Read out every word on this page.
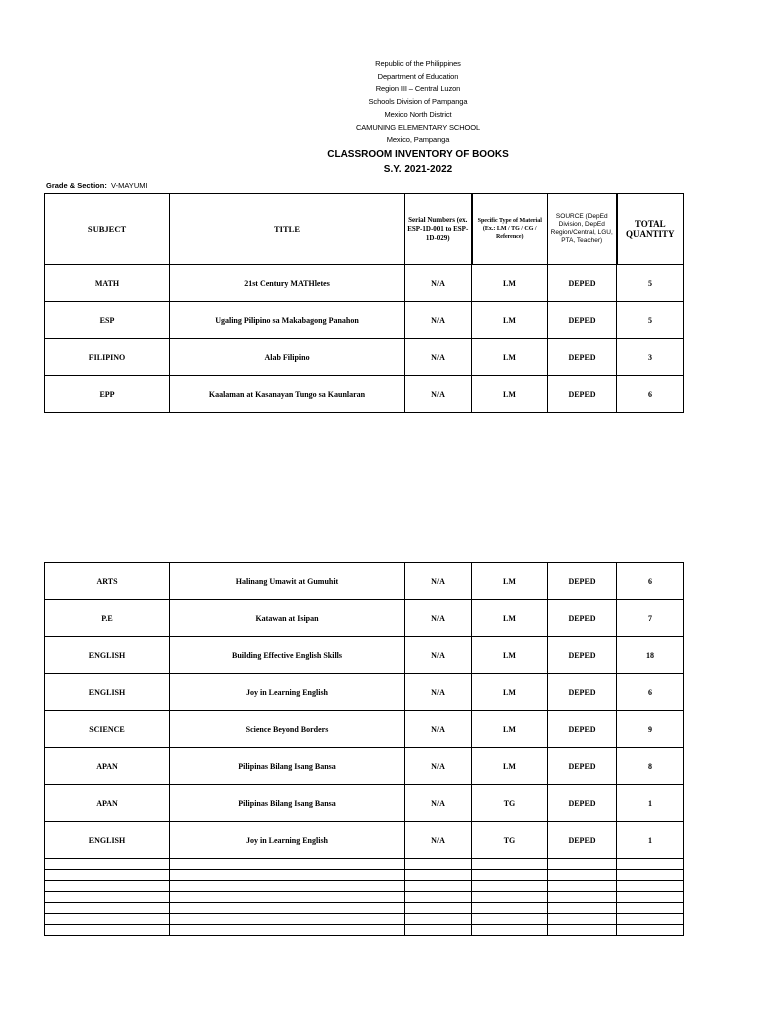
Republic of the Philippines
Department of Education
Region III – Central Luzon
Schools Division of Pampanga
Mexico North District
CAMUNING ELEMENTARY SCHOOL
Mexico, Pampanga
CLASSROOM INVENTORY OF BOOKS
S.Y. 2021-2022
Grade & Section: V-MAYUMI
SUBJECT	TITLE	Serial Numbers (ex. ESP-1D-001 to ESP-1D-029)	Specific Type of Material (Ex.: LM / TG / CG / Reference)	SOURCE (DepEd Division, DepEd Region/Central, LGU, PTA, Teacher)	TOTAL QUANTITY
MATH	21st Century MATHletes	N/A	LM	DEPED	5
ESP	Ugaling Pilipino sa Makabagong Panahon	N/A	LM	DEPED	5
FILIPINO	Alab Filipino	N/A	LM	DEPED	3
EPP	Kaalaman at Kasanayan Tungo sa Kaunlaran	N/A	LM	DEPED	6
ARTS	Halinang Umawit at Gumuhit	N/A	LM	DEPED	6
P.E	Katawan at Isipan	N/A	LM	DEPED	7
ENGLISH	Building Effective English Skills	N/A	LM	DEPED	18
ENGLISH	Joy in Learning English	N/A	LM	DEPED	6
SCIENCE	Science Beyond Borders	N/A	LM	DEPED	9
APAN	Pilipinas Bilang Isang Bansa	N/A	LM	DEPED	8
APAN	Pilipinas Bilang Isang Bansa	N/A	TG	DEPED	1
ENGLISH	Joy in Learning English	N/A	TG	DEPED	1
